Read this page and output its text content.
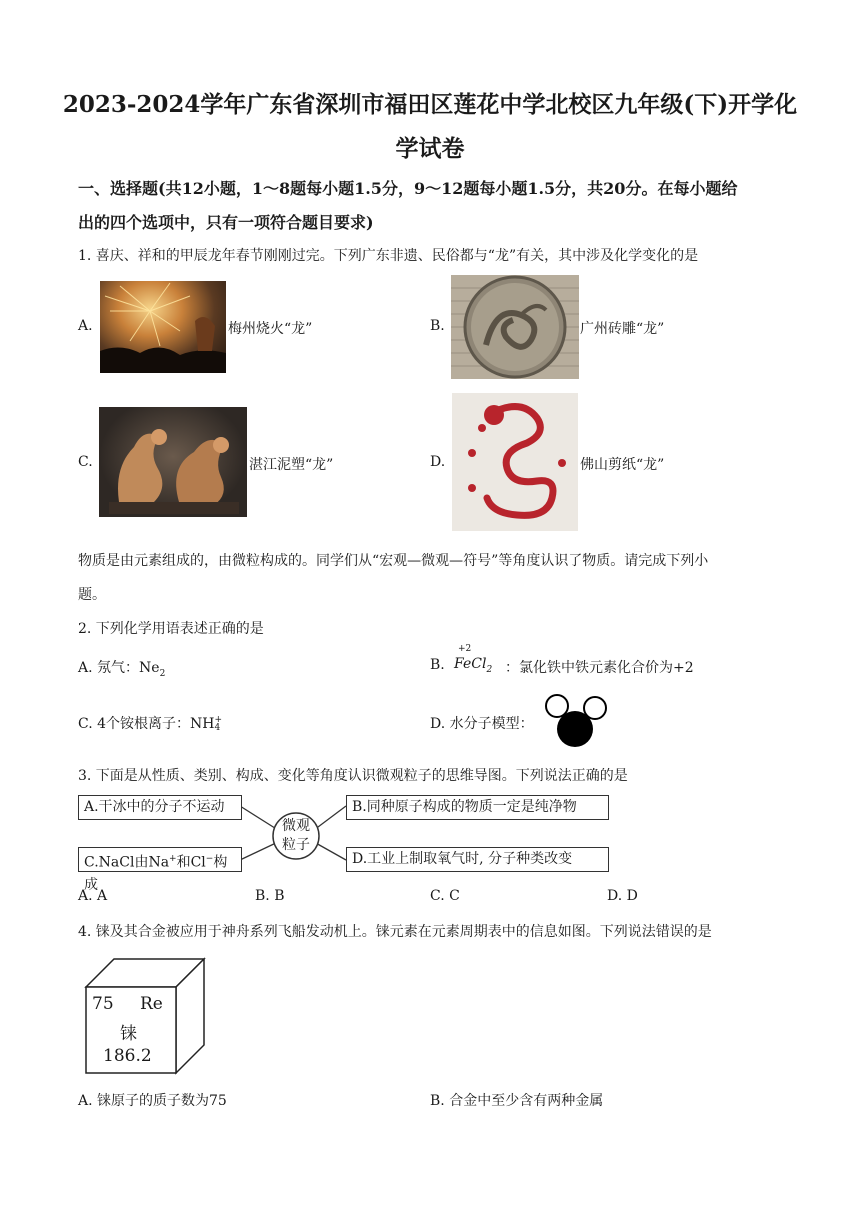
2023-2024学年广东省深圳市福田区莲花中学北校区九年级(下)开学化
学试卷
一、选择题(共12小题，1～8题每小题1.5分，9～12题每小题1.5分，共20分。在每小题给
出的四个选项中，只有一项符合题目要求)
1. 喜庆、祥和的甲辰龙年春节刚刚过完。下列广东非遗、民俗都与“龙”有关，其中涉及化学变化的是
A.	梅州烧火“龙”	B.	广州砖雕“龙”
C.	湛江泥塑“龙”	D.	佛山剪纸“龙”
物质是由元素组成的，由微粒构成的。同学们从“宏观—微观—符号”等角度认识了物质。请完成下列小
题。
2. 下列化学用语表述正确的是
A. 氖气：$Ne_2$
B.
+2
FeCl$_2$ ：氯化铁中铁元素化合价为+2
C. 4个铵根离子：NH +
4	D. 水分子模型：
3. 下面是从性质、类别、构成、变化等角度认识微观粒子的思维导图。下列说法正确的是
微观
粒子
A.干冰中的分子不运动	B.同种原子构成的物质一定是纯净物
C.NaCl由Na+和Cl−构成
D.工业上制取氧气时, 分子种类改变
A. A	B. B	C. C	D. D
4. 铼及其合金被应用于神舟系列飞船发动机上。铼元素在元素周期表中的信息如图。下列说法错误的是
75 Re
铼
186.2
A. 铼原子的质子数为75	B. 合金中至少含有两种金属
